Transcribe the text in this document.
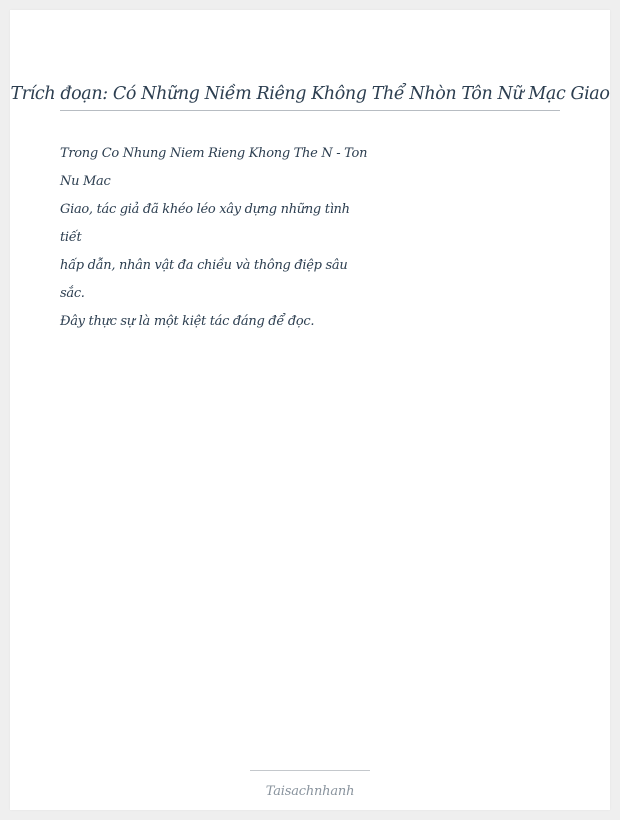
Trích đoạn: Có Những Niềm Riêng Không Thể Nhòn Tôn Nữ Mạc Giao
Trong Co Nhung Niem Rieng Khong The N - Ton
Nu Mac
Giao, tác giả đã khéo léo xây dựng những tình
tiết
hấp dẫn, nhân vật đa chiều và thông điệp sâu
sắc.
Đây thực sự là một kiệt tác đáng để đọc.
Taisachnhanh
